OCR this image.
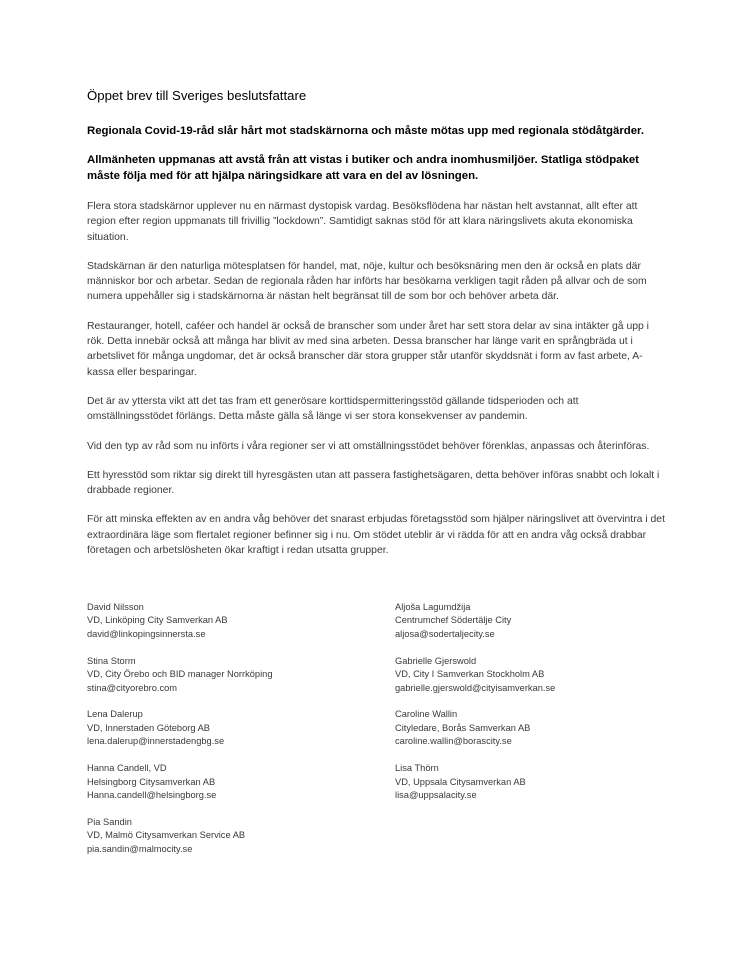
Öppet brev till Sveriges beslutsfattare

Regionala Covid-19-råd slår hårt mot stadskärnorna och måste mötas upp med regionala stödåtgärder.

Allmänheten uppmanas att avstå från att vistas i butiker och andra inomhusmiljöer. Statliga stödpaket måste följa med för att hjälpa näringsidkare att vara en del av lösningen.

Flera stora stadskärnor upplever nu en närmast dystopisk vardag. Besöksflödena har nästan helt avstannat, allt efter att region efter region uppmanats till frivillig ”lockdown”. Samtidigt saknas stöd för att klara näringslivets akuta ekonomiska situation.

Stadskärnan är den naturliga mötesplatsen för handel, mat, nöje, kultur och besöksnäring men den är också en plats där människor bor och arbetar. Sedan de regionala råden har införts har besökarna verkligen tagit råden på allvar och de som numera uppehåller sig i stadskärnorna är nästan helt begränsat till de som bor och behöver arbeta där.

Restauranger, hotell, caféer och handel är också de branscher som under året har sett stora delar av sina intäkter gå upp i rök. Detta innebär också att många har blivit av med sina arbeten. Dessa branscher har länge varit en språngbräda ut i arbetslivet för många ungdomar, det är också branscher där stora grupper står utanför skyddsnät i form av fast arbete, A-kassa eller besparingar.

Det är av yttersta vikt att det tas fram ett generösare korttidspermitteringsstöd gällande tidsperioden och att omställningsstödet förlängs. Detta måste gälla så länge vi ser stora konsekvenser av pandemin.

Vid den typ av råd som nu införts i våra regioner ser vi att omställningsstödet behöver förenklas, anpassas och återinföras.

Ett hyresstöd som riktar sig direkt till hyresgästen utan att passera fastighetsägaren, detta behöver införas snabbt och lokalt i drabbade regioner.

För att minska effekten av en andra våg behöver det snarast erbjudas företagsstöd som hjälper näringslivet att övervintra i det extraordinära läge som flertalet regioner befinner sig i nu. Om stödet uteblir är vi rädda för att en andra våg också drabbar företagen och arbetslösheten ökar kraftigt i redan utsatta grupper.

David Nilsson
VD, Linköping City Samverkan AB
david@linkopingsinnersta.se
Stina Storm
VD, City Örebo och BID manager Norrköping
stina@cityorebro.com
Lena Dalerup
VD, Innerstaden Göteborg AB
lena.dalerup@innerstadengbg.se
Hanna Candell, VD
Helsingborg Citysamverkan AB
Hanna.candell@helsingborg.se
Pia Sandin
VD, Malmö Citysamverkan Service AB
pia.sandin@malmocity.se
Aljoša Lagumdžija
Centrumchef Södertälje City
aljosa@sodertaljecity.se
Gabrielle Gjerswold
VD, City I Samverkan Stockholm AB
gabrielle.gjerswold@cityisamverkan.se
Caroline Wallin
Cityledare, Borås Samverkan AB
caroline.wallin@borascity.se
Lisa Thörn
VD, Uppsala Citysamverkan AB
lisa@uppsalacity.se
